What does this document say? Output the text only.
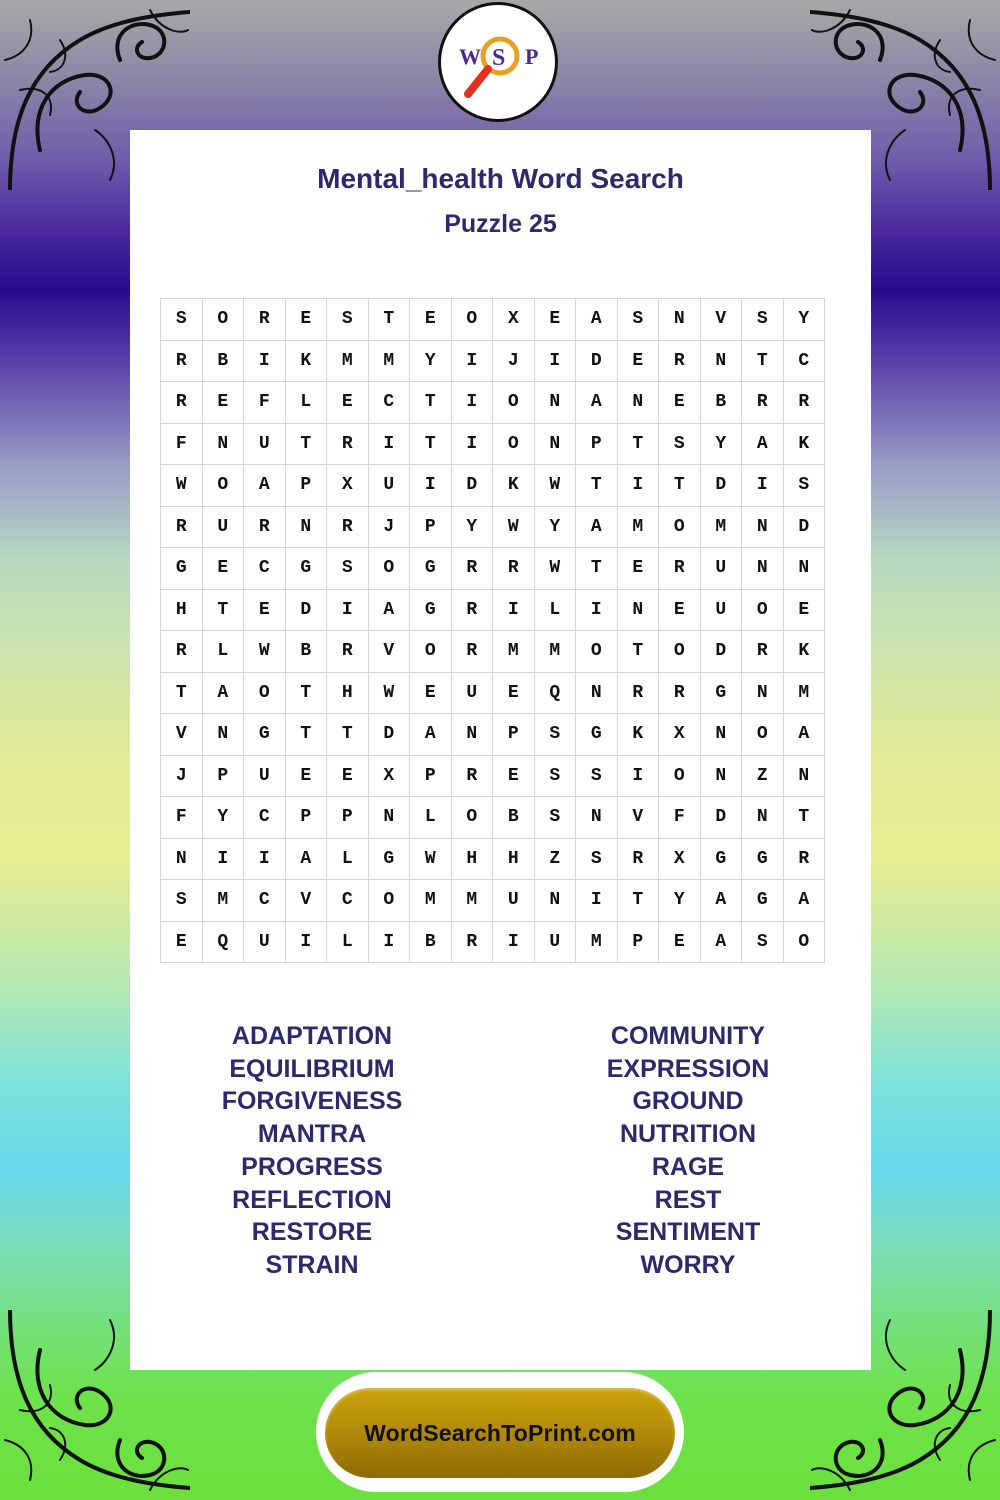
W S P
Mental_health Word Search
Puzzle 25
S	O	R	E	S	T	E	O	X	E	A	S	N	V	S	Y
R	B	I	K	M	M	Y	I	J	I	D	E	R	N	T	C
R	E	F	L	E	C	T	I	O	N	A	N	E	B	R	R
F	N	U	T	R	I	T	I	O	N	P	T	S	Y	A	K
W	O	A	P	X	U	I	D	K	W	T	I	T	D	I	S
R	U	R	N	R	J	P	Y	W	Y	A	M	O	M	N	D
G	E	C	G	S	O	G	R	R	W	T	E	R	U	N	N
H	T	E	D	I	A	G	R	I	L	I	N	E	U	O	E
R	L	W	B	R	V	O	R	M	M	O	T	O	D	R	K
T	A	O	T	H	W	E	U	E	Q	N	R	R	G	N	M
V	N	G	T	T	D	A	N	P	S	G	K	X	N	O	A
J	P	U	E	E	X	P	R	E	S	S	I	O	N	Z	N
F	Y	C	P	P	N	L	O	B	S	N	V	F	D	N	T
N	I	I	A	L	G	W	H	H	Z	S	R	X	G	G	R
S	M	C	V	C	O	M	M	U	N	I	T	Y	A	G	A
E	Q	U	I	L	I	B	R	I	U	M	P	E	A	S	O
ADAPTATION
EQUILIBRIUM
FORGIVENESS
MANTRA
PROGRESS
REFLECTION
RESTORE
STRAIN
COMMUNITY
EXPRESSION
GROUND
NUTRITION
RAGE
REST
SENTIMENT
WORRY
WordSearchToPrint.com
